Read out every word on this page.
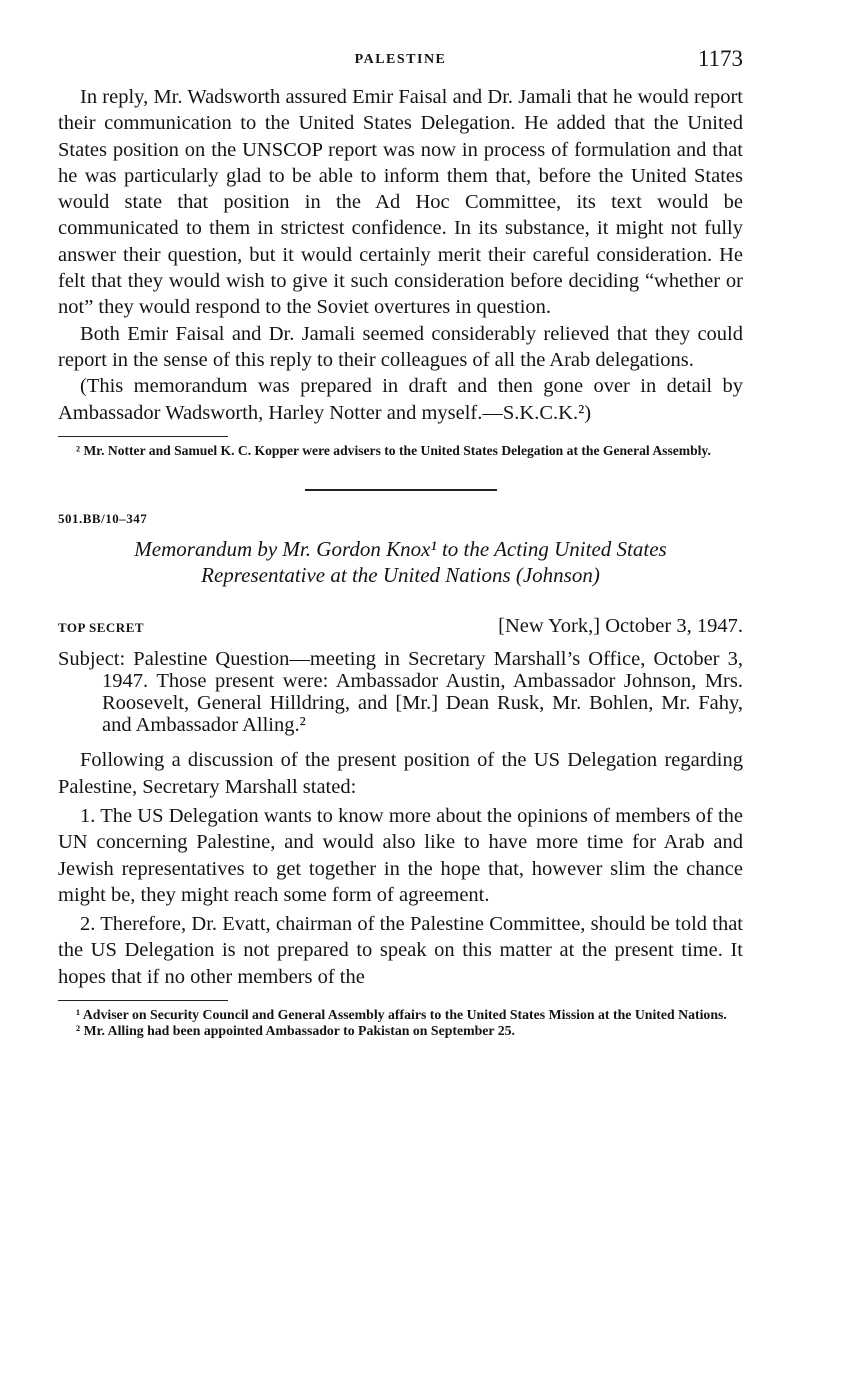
PALESTINE	1173

In reply, Mr. Wadsworth assured Emir Faisal and Dr. Jamali that he would report their communication to the United States Delegation. He added that the United States position on the UNSCOP report was now in process of formulation and that he was particularly glad to be able to inform them that, before the United States would state that position in the Ad Hoc Committee, its text would be communicated to them in strictest confidence. In its substance, it might not fully answer their question, but it would certainly merit their careful consideration. He felt that they would wish to give it such consideration before deciding “whether or not” they would respond to the Soviet overtures in question.

Both Emir Faisal and Dr. Jamali seemed considerably relieved that they could report in the sense of this reply to their colleagues of all the Arab delegations.

(This memorandum was prepared in draft and then gone over in detail by Ambassador Wadsworth, Harley Notter and myself.—S.K.C.K.²)

² Mr. Notter and Samuel K. C. Kopper were advisers to the United States Delegation at the General Assembly.

501.BB/10–347
Memorandum by Mr. Gordon Knox¹ to the Acting United States
Representative at the United Nations (Johnson)
TOP SECRET	[New York,] October 3, 1947.

Subject: Palestine Question—meeting in Secretary Marshall’s Office, October 3, 1947. Those present were: Ambassador Austin, Ambassador Johnson, Mrs. Roosevelt, General Hilldring, and [Mr.] Dean Rusk, Mr. Bohlen, Mr. Fahy, and Ambassador Alling.²

Following a discussion of the present position of the US Delegation regarding Palestine, Secretary Marshall stated:

1. The US Delegation wants to know more about the opinions of members of the UN concerning Palestine, and would also like to have more time for Arab and Jewish representatives to get together in the hope that, however slim the chance might be, they might reach some form of agreement.

2. Therefore, Dr. Evatt, chairman of the Palestine Committee, should be told that the US Delegation is not prepared to speak on this matter at the present time. It hopes that if no other members of the

¹ Adviser on Security Council and General Assembly affairs to the United States Mission at the United Nations.

² Mr. Alling had been appointed Ambassador to Pakistan on September 25.
